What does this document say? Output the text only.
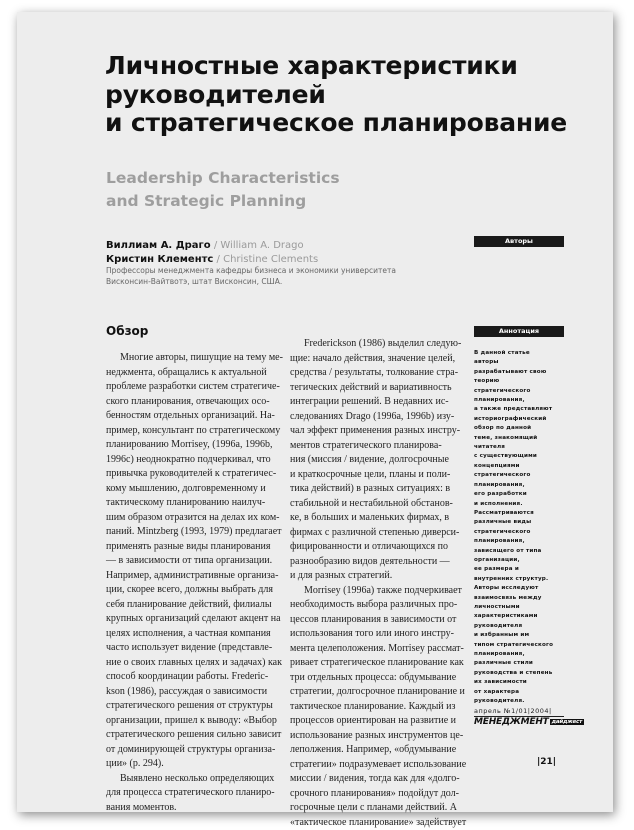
Личностные характеристики
руководителей
и стратегическое планирование
Leadership Characteristics
and Strategic Planning
Виллиам А. Драго / William A. Drago
Кристин Клементс / Christine Clements
Профессоры менеджмента кафедры бизнеса и экономики университета Висконсин-Вайтвотэ, штат Висконсин, США.
Авторы
Аннотация
В данной статье
авторы
разрабатывают свою
теорию
стратегического
планирования,
а также представляют
историографический
обзор по данной
теме, знакомящий
читателя
с существующими
концепциями
стратегического
планирования,
его разработки
и исполнения.
Рассматриваются
различные виды
стратегического
планирования,
зависящего от типа
организации,
ее размера и
внутренних структур.
Авторы исследуют
взаимосвязь между
личностными
характеристиками
руководителя
и избранным им
типом стратегического
планирования,
различные стили
руководства и степень
их зависимости
от характера
руководителя.
Обзор
Многие авторы, пишущие на тему ме-
неджмента, обращались к актуальной
проблеме разработки систем стратегиче-
ского планирования, отвечающих осо-
бенностям отдельных организаций. На-
пример, консультант по стратегическому
планированию Morrisey, (1996a, 1996b,
1996c) неоднократно подчеркивал, что
привычка руководителей к стратегичес-
кому мышлению, долговременному и
тактическому планированию наилуч-
шим образом отразится на делах их ком-
паний. Mintzberg (1993, 1979) предлагает
применять разные виды планирования
— в зависимости от типа организации.
Например, административные организа-
ции, скорее всего, должны выбрать для
себя планирование действий, филиалы
крупных организаций сделают акцент на
целях исполнения, а частная компания
часто использует видение (представле-
ние о своих главных целях и задачах) как
способ координации работы. Frederic-
kson (1986), рассуждая о зависимости
стратегического решения от структуры
организации, пришел к выводу: «Выбор
стратегического решения сильно зависит
от доминирующей структуры организа-
ции» (р. 294).
Выявлено несколько определяющих
для процесса стратегического планиро-
вания моментов.
Frederickson (1986) выделил следую-
щие: начало действия, значение целей,
средства / результаты, толкование стра-
тегических действий и вариативность
интеграции решений. В недавних ис-
следованиях Drago (1996a, 1996b) изу-
чал эффект применения разных инстру-
ментов стратегического планирова-
ния (миссия / видение, долгосрочные
и краткосрочные цели, планы и поли-
тика действий) в разных ситуациях: в
стабильной и нестабильной обстанов-
ке, в больших и маленьких фирмах, в
фирмах с различной степенью диверси-
фицированности и отличающихся по
разнообразию видов деятельности —
и для разных стратегий.
Morrisey (1996a) также подчеркивает
необходимость выбора различных про-
цессов планирования в зависимости от
использования того или иного инстру-
мента целеположения. Morrisey рассмат-
ривает стратегическое планирование как
три отдельных процесса: обдумывание
стратегии, долгосрочное планирование и
тактическое планирование. Каждый из
процессов ориентирован на развитие и
использование разных инструментов це-
леполжения. Например, «обдумывание
стратегии» подразумевает использование
миссии / видения, тогда как для «долго-
срочного планирования» подойдут дол-
госрочные цели с планами действий. А
«тактическое планирование» задействует
апрель №1/01|2004|
МЕНЕДЖМЕНТ дайджест
|21|
